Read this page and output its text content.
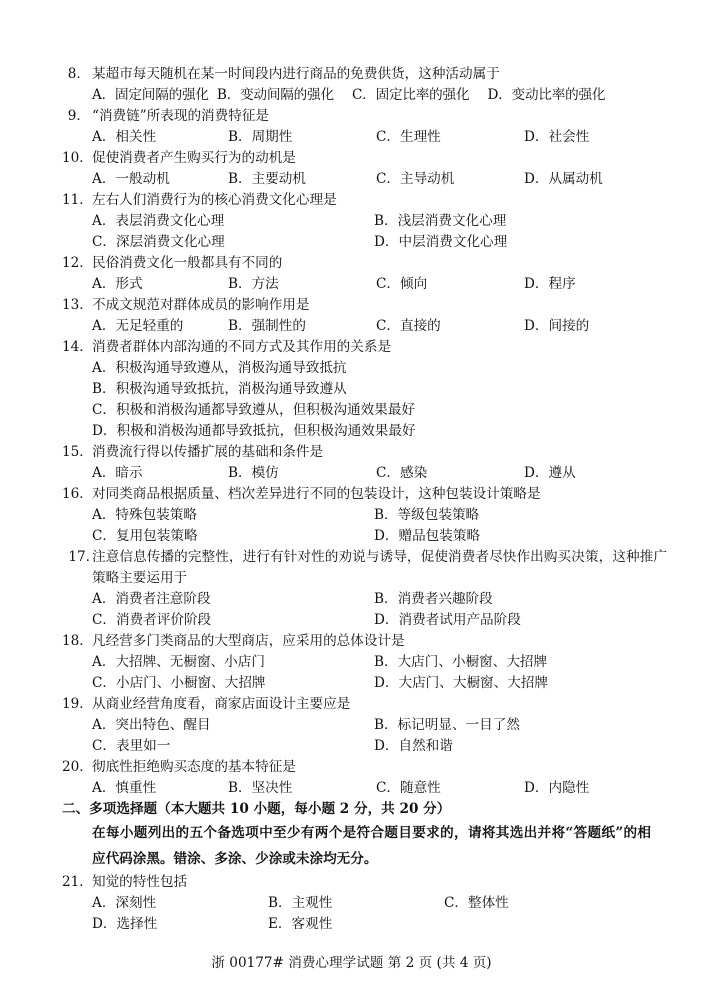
8． 某超市每天随机在某一时间段内进行商品的免费供货，这种活动属于
A．固定间隔的强化 B．变动间隔的强化 C．固定比率的强化 D．变动比率的强化
9． “消费链”所表现的消费特征是
A．相关性	B．周期性	C．生理性	D．社会性
10． 促使消费者产生购买行为的动机是
A．一般动机	B．主要动机	C．主导动机	D．从属动机
11． 左右人们消费行为的核心消费文化心理是
A．表层消费文化心理	B．浅层消费文化心理
C．深层消费文化心理	D．中层消费文化心理
12． 民俗消费文化一般都具有不同的
A．形式	B．方法	C．倾向	D．程序
13． 不成文规范对群体成员的影响作用是
A．无足轻重的	B．强制性的	C．直接的	D．间接的
14． 消费者群体内部沟通的不同方式及其作用的关系是
A．积极沟通导致遵从，消极沟通导致抵抗
B．积极沟通导致抵抗，消极沟通导致遵从
C．积极和消极沟通都导致遵从，但积极沟通效果最好
D．积极和消极沟通都导致抵抗，但积极沟通效果最好
15． 消费流行得以传播扩展的基础和条件是
A．暗示	B．模仿	C．感染	D．遵从
16． 对同类商品根据质量、档次差异进行不同的包装设计，这种包装设计策略是
A．特殊包装策略	B．等级包装策略
C．复用包装策略	D．赠品包装策略
17. 注意信息传播的完整性，进行有针对性的劝说与诱导，促使消费者尽快作出购买决策，这种推广策略主要运用于
A．消费者注意阶段	B．消费者兴趣阶段
C．消费者评价阶段	D．消费者试用产品阶段
18． 凡经营多门类商品的大型商店，应采用的总体设计是
A．大招牌、无橱窗、小店门	B．大店门、小橱窗、大招牌
C．小店门、小橱窗、大招牌	D．大店门、大橱窗、大招牌
19． 从商业经营角度看，商家店面设计主要应是
A．突出特色、醒目	B．标记明显、一目了然
C．表里如一	D．自然和谐
20． 彻底性拒绝购买态度的基本特征是
A．慎重性	B．坚决性	C．随意性	D．内隐性
二、多项选择题（本大题共 10 小题，每小题 2 分，共 20 分）
在每小题列出的五个备选项中至少有两个是符合题目要求的，请将其选出并将“答题纸”的相应代码涂黑。错涂、多涂、少涂或未涂均无分。
21． 知觉的特性包括
A．深刻性	B．主观性	C．整体性
D．选择性	E．客观性
浙 00177# 消费心理学试题 第 2 页 (共 4 页)
